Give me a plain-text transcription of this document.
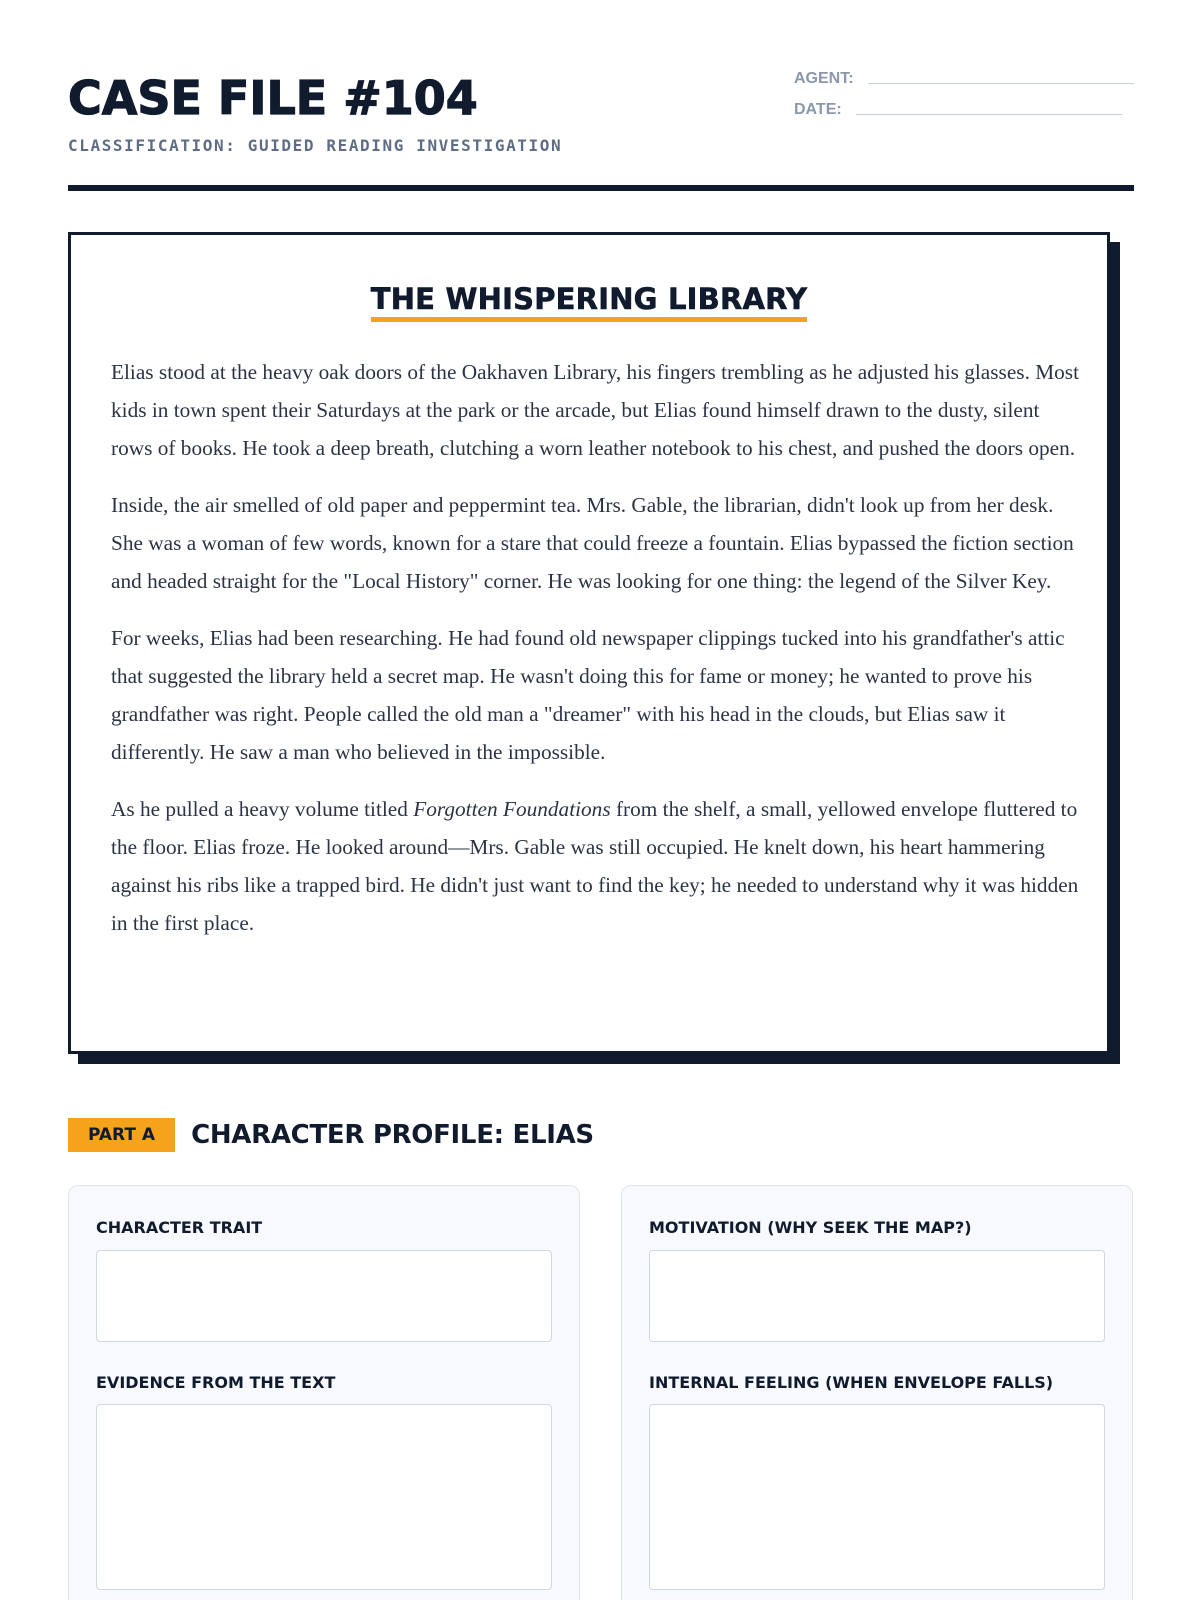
CASE FILE #104
CLASSIFICATION: GUIDED READING INVESTIGATION
AGENT:
DATE:
THE WHISPERING LIBRARY

Elias stood at the heavy oak doors of the Oakhaven Library, his fingers trembling as he adjusted his glasses. Most kids in town spent their Saturdays at the park or the arcade, but Elias found himself drawn to the dusty, silent rows of books. He took a deep breath, clutching a worn leather notebook to his chest, and pushed the doors open.

Inside, the air smelled of old paper and peppermint tea. Mrs. Gable, the librarian, didn't look up from her desk. She was a woman of few words, known for a stare that could freeze a fountain. Elias bypassed the fiction section and headed straight for the "Local History" corner. He was looking for one thing: the legend of the Silver Key.

For weeks, Elias had been researching. He had found old newspaper clippings tucked into his grandfather's attic that suggested the library held a secret map. He wasn't doing this for fame or money; he wanted to prove his grandfather was right. People called the old man a "dreamer" with his head in the clouds, but Elias saw it differently. He saw a man who believed in the impossible.

As he pulled a heavy volume titled Forgotten Foundations from the shelf, a small, yellowed envelope fluttered to the floor. Elias froze. He looked around—Mrs. Gable was still occupied. He knelt down, his heart hammering against his ribs like a trapped bird. He didn't just want to find the key; he needed to understand why it was hidden in the first place.

PART A	CHARACTER PROFILE: ELIAS
CHARACTER TRAIT
EVIDENCE FROM THE TEXT
MOTIVATION (WHY SEEK THE MAP?)
INTERNAL FEELING (WHEN ENVELOPE FALLS)
